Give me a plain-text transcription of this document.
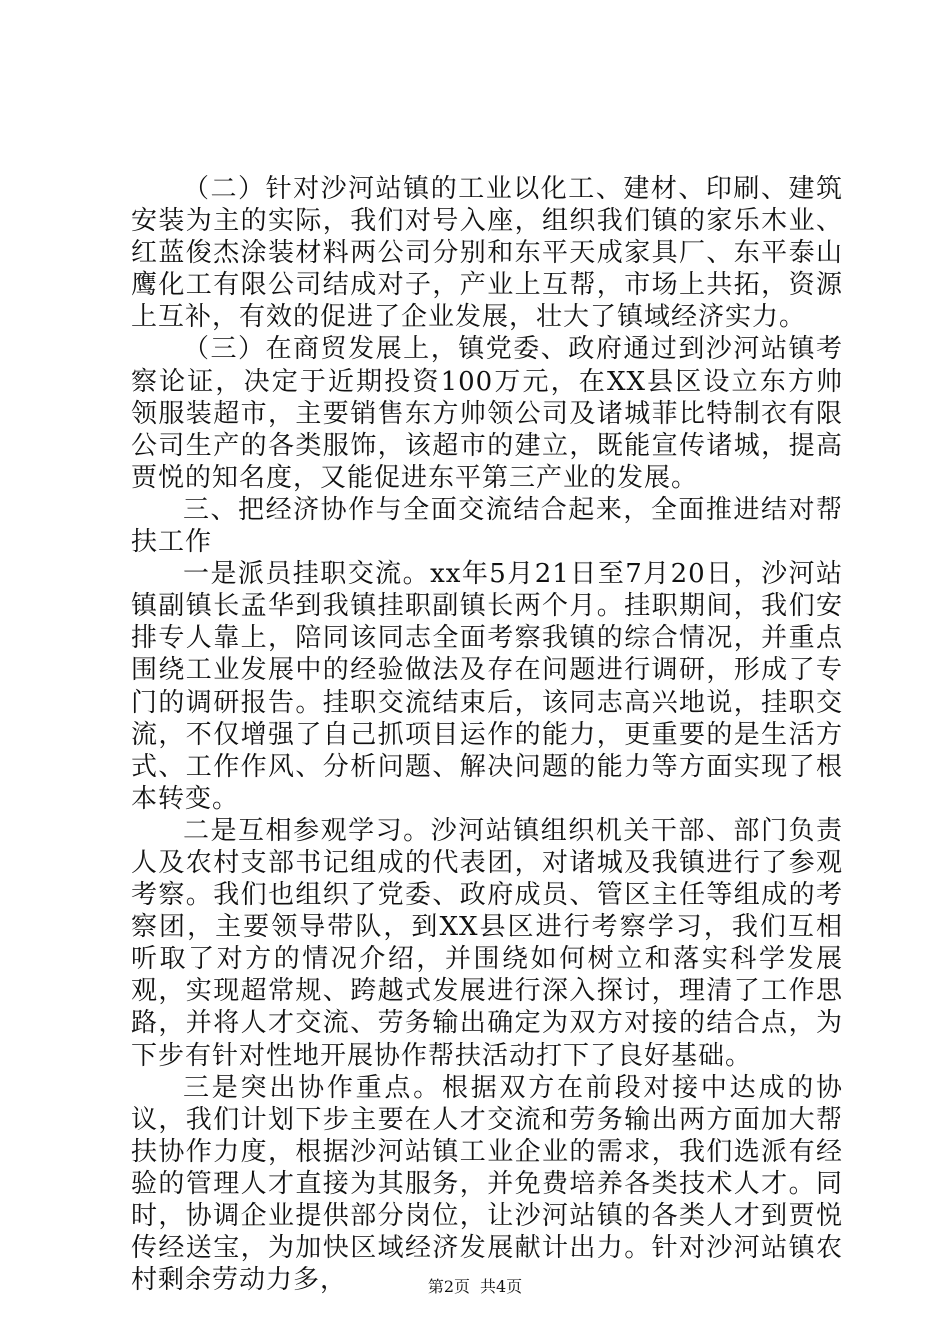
（二）针对沙河站镇的工业以化工、建材、印刷、建筑安装为主的实际，我们对号入座，组织我们镇的家乐木业、红蓝俊杰涂装材料两公司分别和东平天成家具厂、东平泰山鹰化工有限公司结成对子，产业上互帮，市场上共拓，资源上互补，有效的促进了企业发展，壮大了镇域经济实力。

（三）在商贸发展上，镇党委、政府通过到沙河站镇考察论证，决定于近期投资100万元，在XX县区设立东方帅领服装超市，主要销售东方帅领公司及诸城菲比特制衣有限公司生产的各类服饰，该超市的建立，既能宣传诸城，提高贾悦的知名度，又能促进东平第三产业的发展。

三、把经济协作与全面交流结合起来，全面推进结对帮扶工作

一是派员挂职交流。xx年5月21日至7月20日，沙河站镇副镇长孟华到我镇挂职副镇长两个月。挂职期间，我们安排专人靠上，陪同该同志全面考察我镇的综合情况，并重点围绕工业发展中的经验做法及存在问题进行调研，形成了专门的调研报告。挂职交流结束后，该同志高兴地说，挂职交流，不仅增强了自己抓项目运作的能力，更重要的是生活方式、工作作风、分析问题、解决问题的能力等方面实现了根本转变。

二是互相参观学习。沙河站镇组织机关干部、部门负责人及农村支部书记组成的代表团，对诸城及我镇进行了参观考察。我们也组织了党委、政府成员、管区主任等组成的考察团，主要领导带队，到XX县区进行考察学习，我们互相听取了对方的情况介绍，并围绕如何树立和落实科学发展观，实现超常规、跨越式发展进行深入探讨，理清了工作思路，并将人才交流、劳务输出确定为双方对接的结合点，为下步有针对性地开展协作帮扶活动打下了良好基础。

三是突出协作重点。根据双方在前段对接中达成的协议，我们计划下步主要在人才交流和劳务输出两方面加大帮扶协作力度，根据沙河站镇工业企业的需求，我们选派有经验的管理人才直接为其服务，并免费培养各类技术人才。同时，协调企业提供部分岗位，让沙河站镇的各类人才到贾悦传经送宝，为加快区域经济发展献计出力。针对沙河站镇农村剩余劳动力多，	第2页 共4页
